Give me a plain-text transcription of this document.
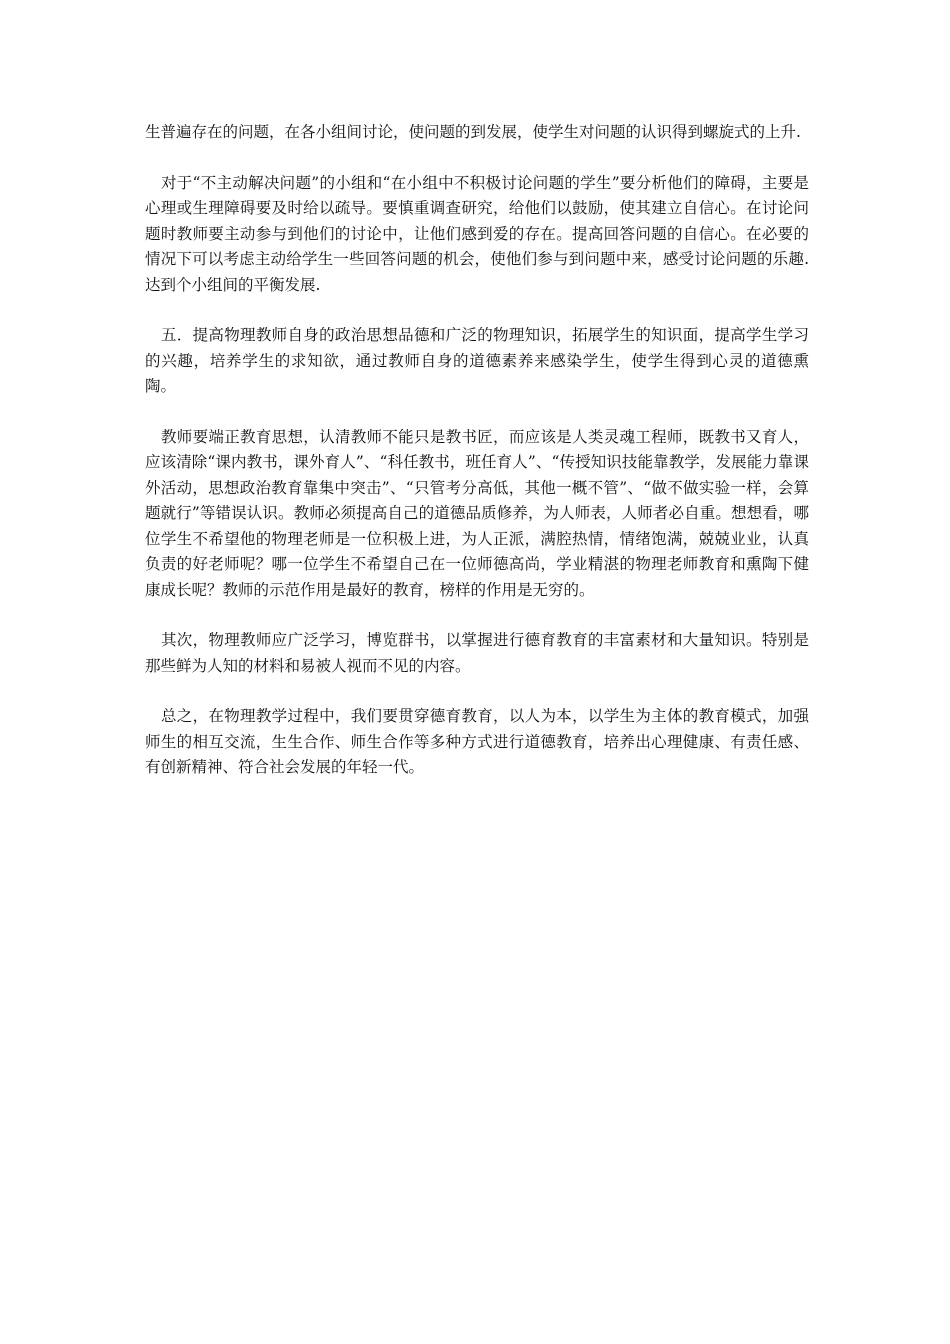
生普遍存在的问题，在各小组间讨论，使问题的到发展，使学生对问题的认识得到螺旋式的上升.

对于“不主动解决问题”的小组和“在小组中不积极讨论问题的学生”要分析他们的障碍，主要是心理或生理障碍要及时给以疏导。要慎重调查研究，给他们以鼓励，使其建立自信心。在讨论问题时教师要主动参与到他们的讨论中，让他们感到爱的存在。提高回答问题的自信心。在必要的情况下可以考虑主动给学生一些回答问题的机会，使他们参与到问题中来，感受讨论问题的乐趣.达到个小组间的平衡发展.

五．提高物理教师自身的政治思想品德和广泛的物理知识，拓展学生的知识面，提高学生学习的兴趣，培养学生的求知欲，通过教师自身的道德素养来感染学生，使学生得到心灵的道德熏陶。

教师要端正教育思想，认清教师不能只是教书匠，而应该是人类灵魂工程师，既教书又育人，应该清除“课内教书，课外育人”、“科任教书，班任育人”、“传授知识技能靠教学，发展能力靠课外活动，思想政治教育靠集中突击”、“只管考分高低，其他一概不管”、“做不做实验一样，会算题就行”等错误认识。教师必须提高自己的道德品质修养，为人师表，人师者必自重。想想看，哪位学生不希望他的物理老师是一位积极上进，为人正派，满腔热情，情绪饱满，兢兢业业，认真负责的好老师呢？哪一位学生不希望自己在一位师德高尚，学业精湛的物理老师教育和熏陶下健康成长呢？教师的示范作用是最好的教育，榜样的作用是无穷的。

其次，物理教师应广泛学习，博览群书，以掌握进行德育教育的丰富素材和大量知识。特别是那些鲜为人知的材料和易被人视而不见的内容。

总之，在物理教学过程中，我们要贯穿德育教育，以人为本，以学生为主体的教育模式，加强师生的相互交流，生生合作、师生合作等多种方式进行道德教育，培养出心理健康、有责任感、有创新精神、符合社会发展的年轻一代。
